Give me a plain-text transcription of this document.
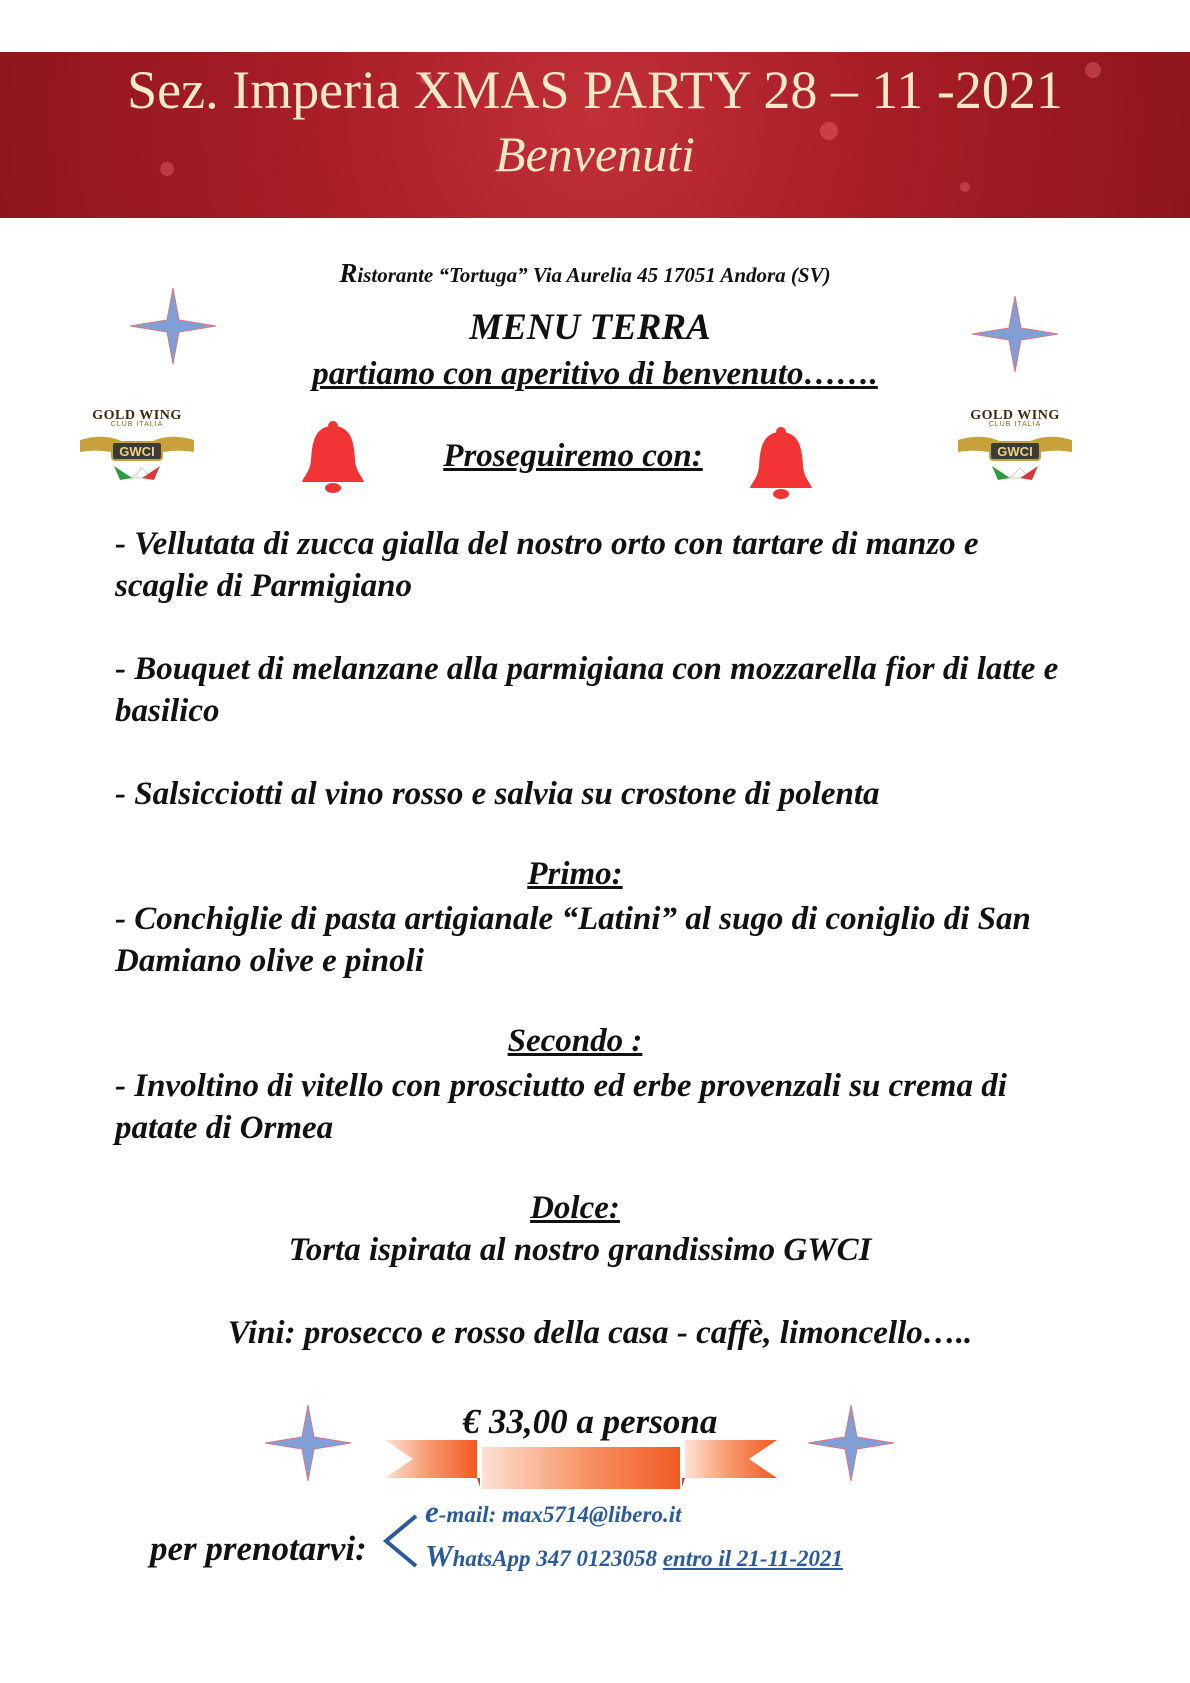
Sez. Imperia XMAS PARTY 28 – 11 -2021
Benvenuti
Ristorante “Tortuga” Via Aurelia 45 17051 Andora (SV)
MENU TERRA
partiamo con aperitivo di benvenuto…….
GOLD WING
CLUB ITALIA
GWCI
GOLD WING
CLUB ITALIA
GWCI
Proseguiremo con:
- Vellutata di zucca gialla del nostro orto con tartare di manzo e scaglie di Parmigiano
- Bouquet di melanzane alla parmigiana con mozzarella fior di latte e basilico
- Salsicciotti al vino rosso e salvia su crostone di polenta
Primo:
- Conchiglie di pasta artigianale “Latini” al sugo di coniglio di San Damiano olive e pinoli
Secondo :
- Involtino di vitello con prosciutto ed erbe provenzali su crema di patate di Ormea
Dolce:
Torta ispirata al nostro grandissimo GWCI
Vini: prosecco e rosso della casa - caffè, limoncello…..
€ 33,00 a persona
e-mail: max5714@libero.it
WhatsApp 347 0123058 entro il 21-11-2021
per prenotarvi:
